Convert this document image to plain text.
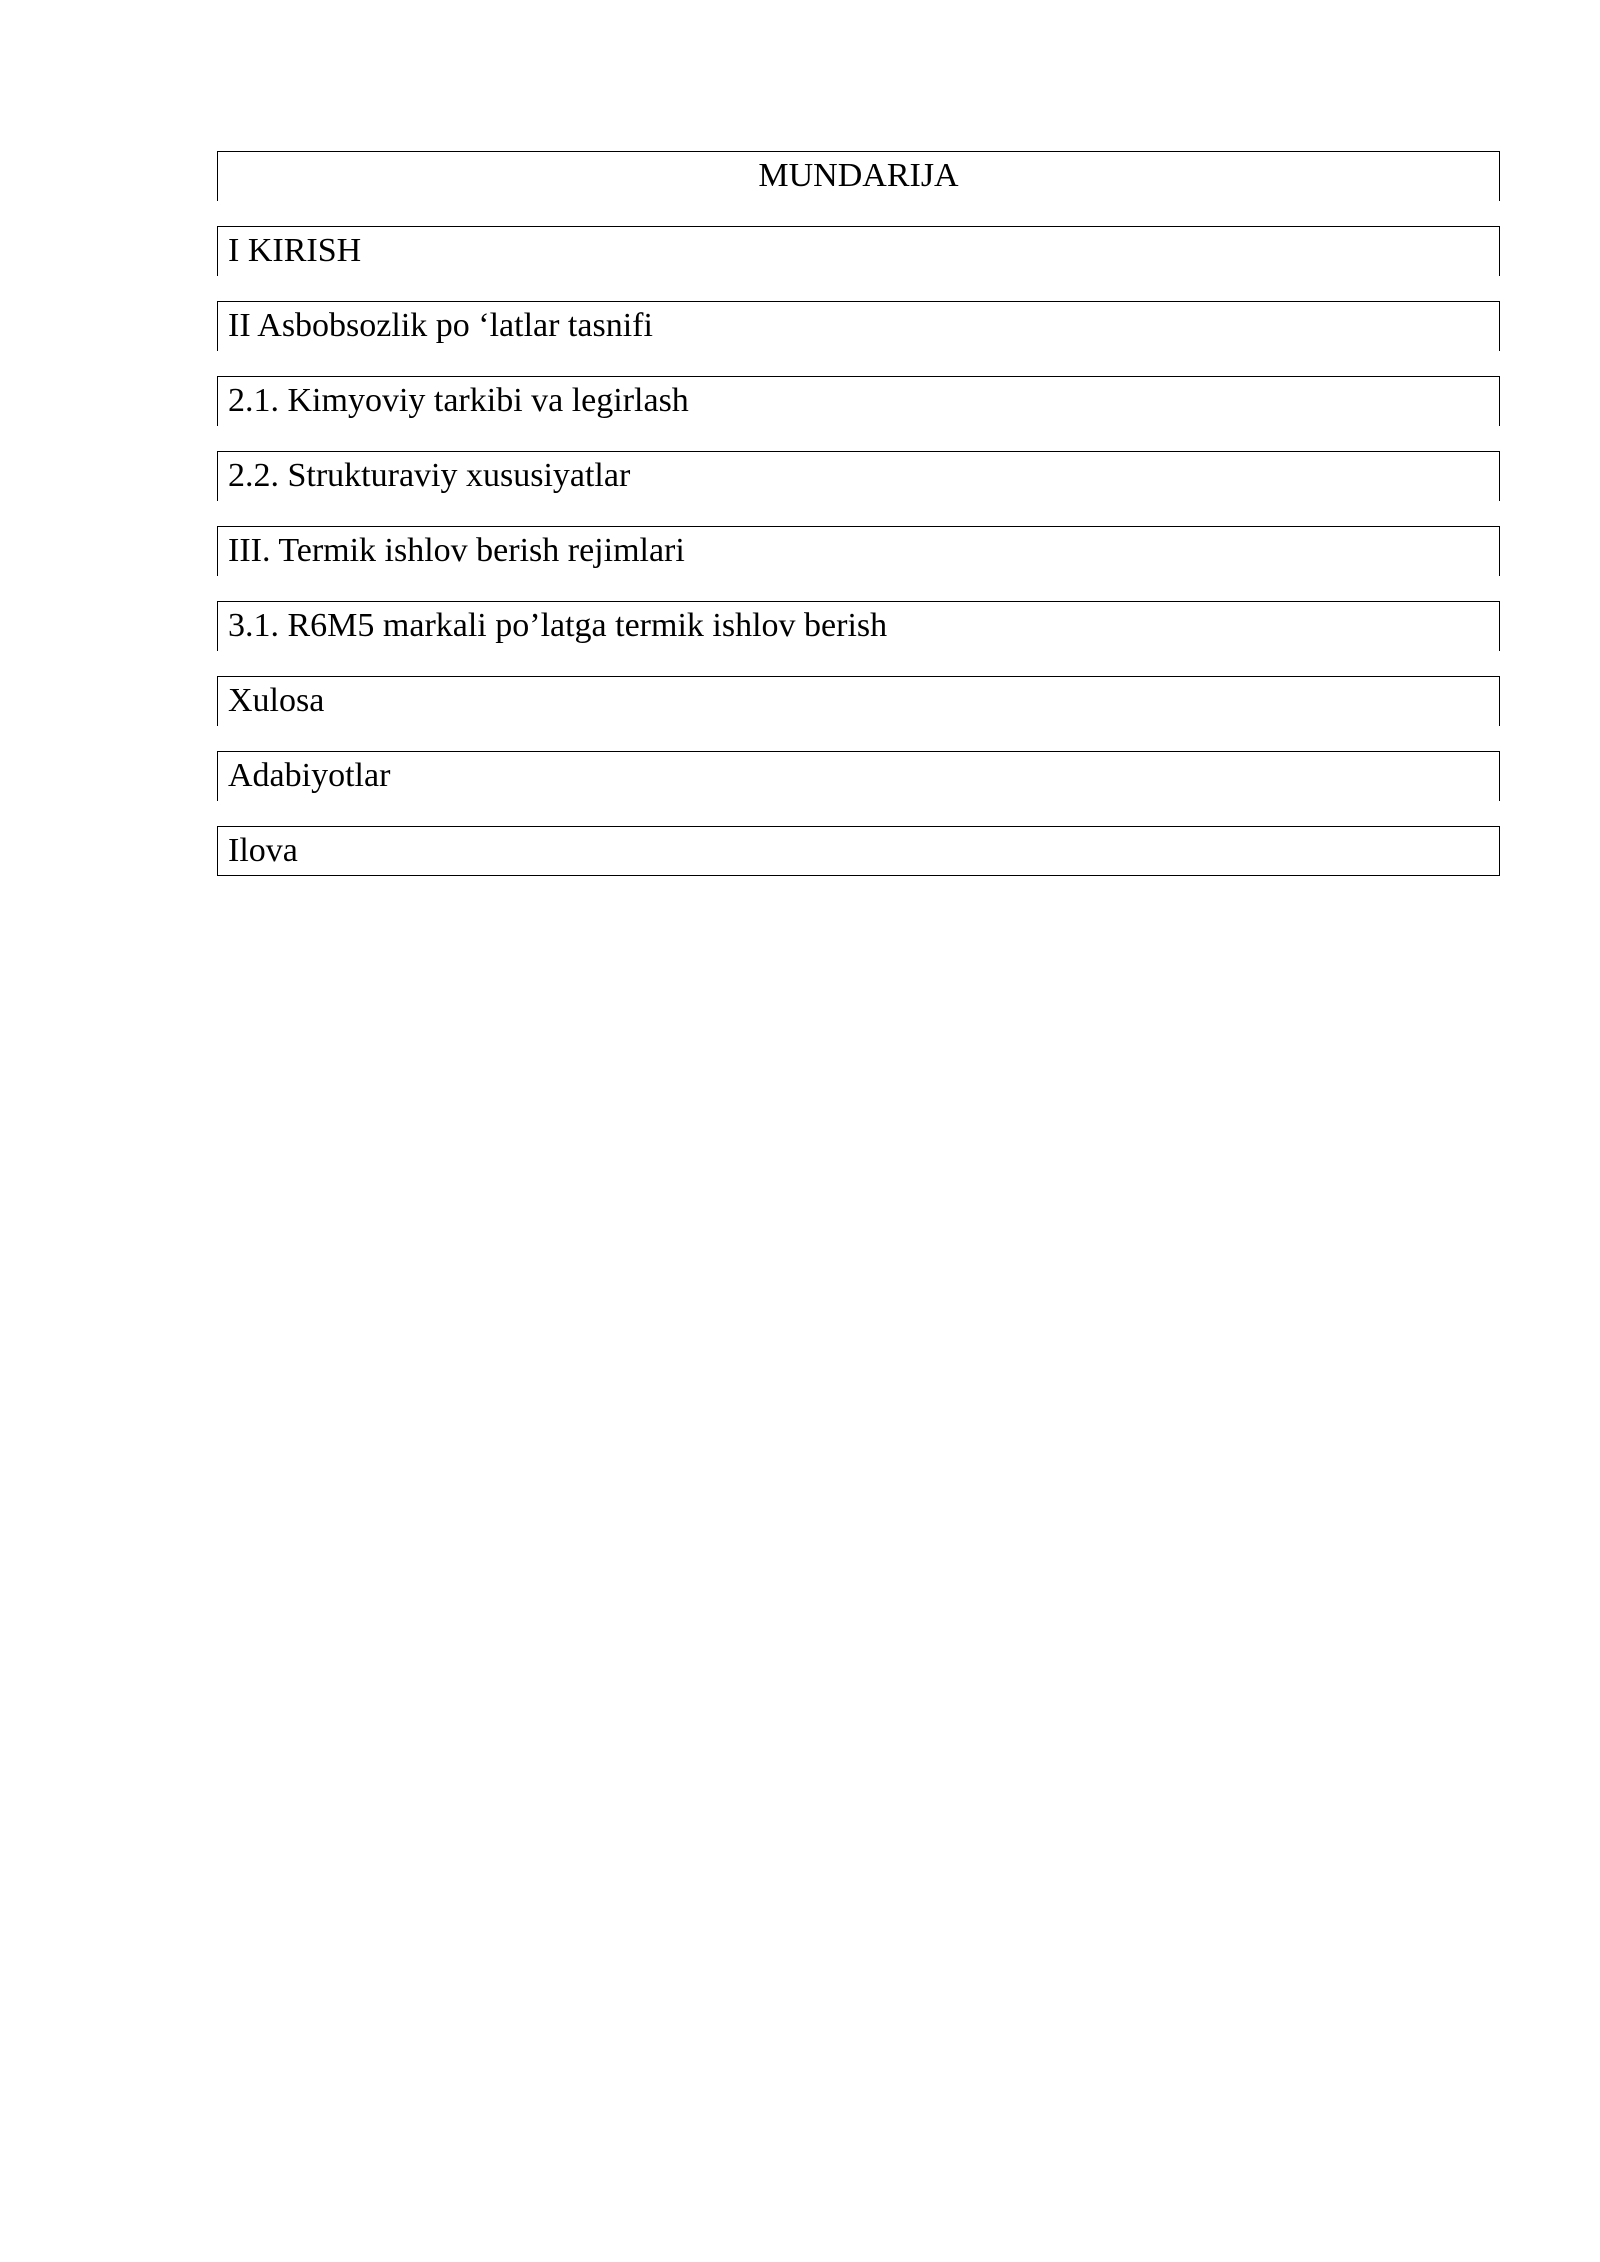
MUNDARIJA
I KIRISH
II Asbobsozlik po ‘latlar tasnifi
2.1. Kimyoviy tarkibi va legirlash
2.2. Strukturaviy xususiyatlar
III. Termik ishlov berish rejimlari
3.1. R6M5 markali po’latga termik ishlov berish
Xulosa
Adabiyotlar
Ilova
